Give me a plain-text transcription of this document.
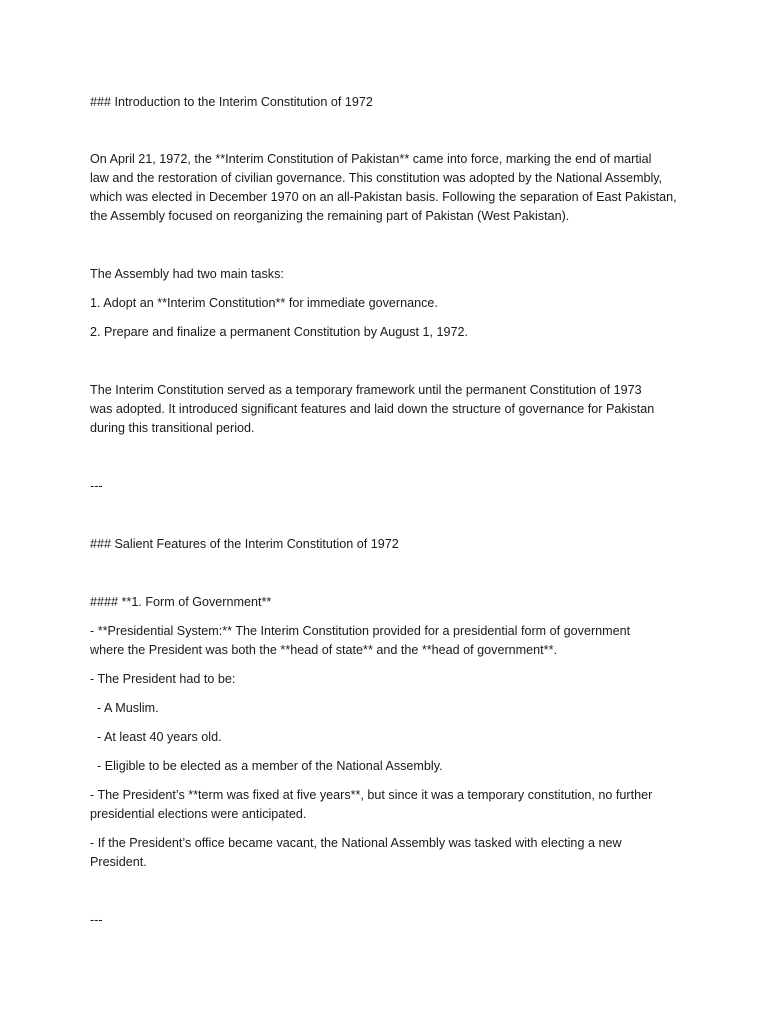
### Introduction to the Interim Constitution of 1972

On April 21, 1972, the **Interim Constitution of Pakistan** came into force, marking the end of martial

law and the restoration of civilian governance. This constitution was adopted by the National Assembly,

which was elected in December 1970 on an all-Pakistan basis. Following the separation of East Pakistan,

the Assembly focused on reorganizing the remaining part of Pakistan (West Pakistan).

The Assembly had two main tasks:

1. Adopt an **Interim Constitution** for immediate governance.

2. Prepare and finalize a permanent Constitution by August 1, 1972.

The Interim Constitution served as a temporary framework until the permanent Constitution of 1973

was adopted. It introduced significant features and laid down the structure of governance for Pakistan

during this transitional period.

---

### Salient Features of the Interim Constitution of 1972

#### **1. Form of Government**

- **Presidential System:** The Interim Constitution provided for a presidential form of government

where the President was both the **head of state** and the **head of government**.

- The President had to be:

- A Muslim.

- At least 40 years old.

- Eligible to be elected as a member of the National Assembly.

- The President’s **term was fixed at five years**, but since it was a temporary constitution, no further

presidential elections were anticipated.

- If the President’s office became vacant, the National Assembly was tasked with electing a new

President.

---
